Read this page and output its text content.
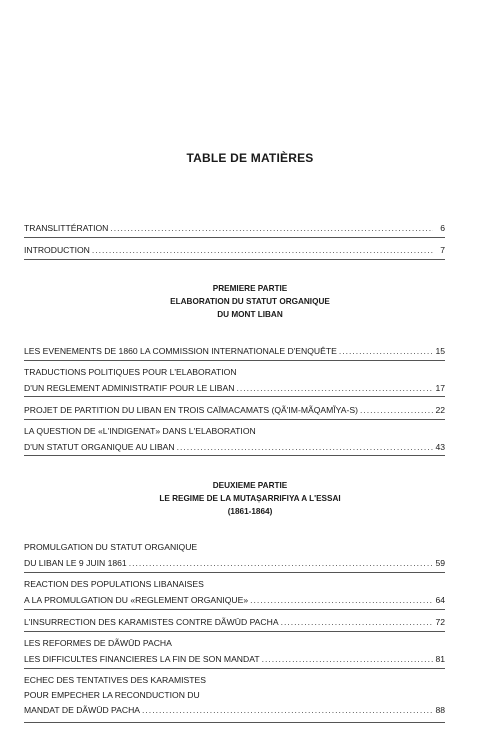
TABLE DE MATIÈRES
TRANSLITTÉRATION .....	6
INTRODUCTION .....	7
PREMIERE PARTIE
ELABORATION DU STATUT ORGANIQUE
DU MONT LIBAN
LES EVENEMENTS DE 1860 LA COMMISSION INTERNATIONALE D'ENQUÊTE .....	15
TRADUCTIONS POLITIQUES POUR L'ELABORATION
D'UN REGLEMENT ADMINISTRATIF POUR LE LIBAN .....	17
PROJET DE PARTITION DU LIBAN EN TROIS CAÏMACAMATS (QÃ'IM-MÃQAMĨYA-S) .....	22
LA QUESTION DE «L'INDIGENAT» DANS L'ELABORATION
D'UN STATUT ORGANIQUE AU LIBAN .....	43
DEUXIEME PARTIE
LE REGIME DE LA MUTAṢARRIFIYA A L'ESSAI
(1861-1864)
PROMULGATION DU STATUT ORGANIQUE
DU LIBAN LE 9 JUIN 1861 .....	59
REACTION DES POPULATIONS LIBANAISES
A LA PROMULGATION DU «REGLEMENT ORGANIQUE» .....	64
L'INSURRECTION DES KARAMISTES CONTRE DÃWŪD PACHA .....	72
LES REFORMES DE DÃWŪD PACHA
LES DIFFICULTES FINANCIERES LA FIN DE SON MANDAT .....	81
ECHEC DES TENTATIVES DES KARAMISTES
POUR EMPECHER LA RECONDUCTION DU
MANDAT DE DÃWŪD PACHA .....	88
